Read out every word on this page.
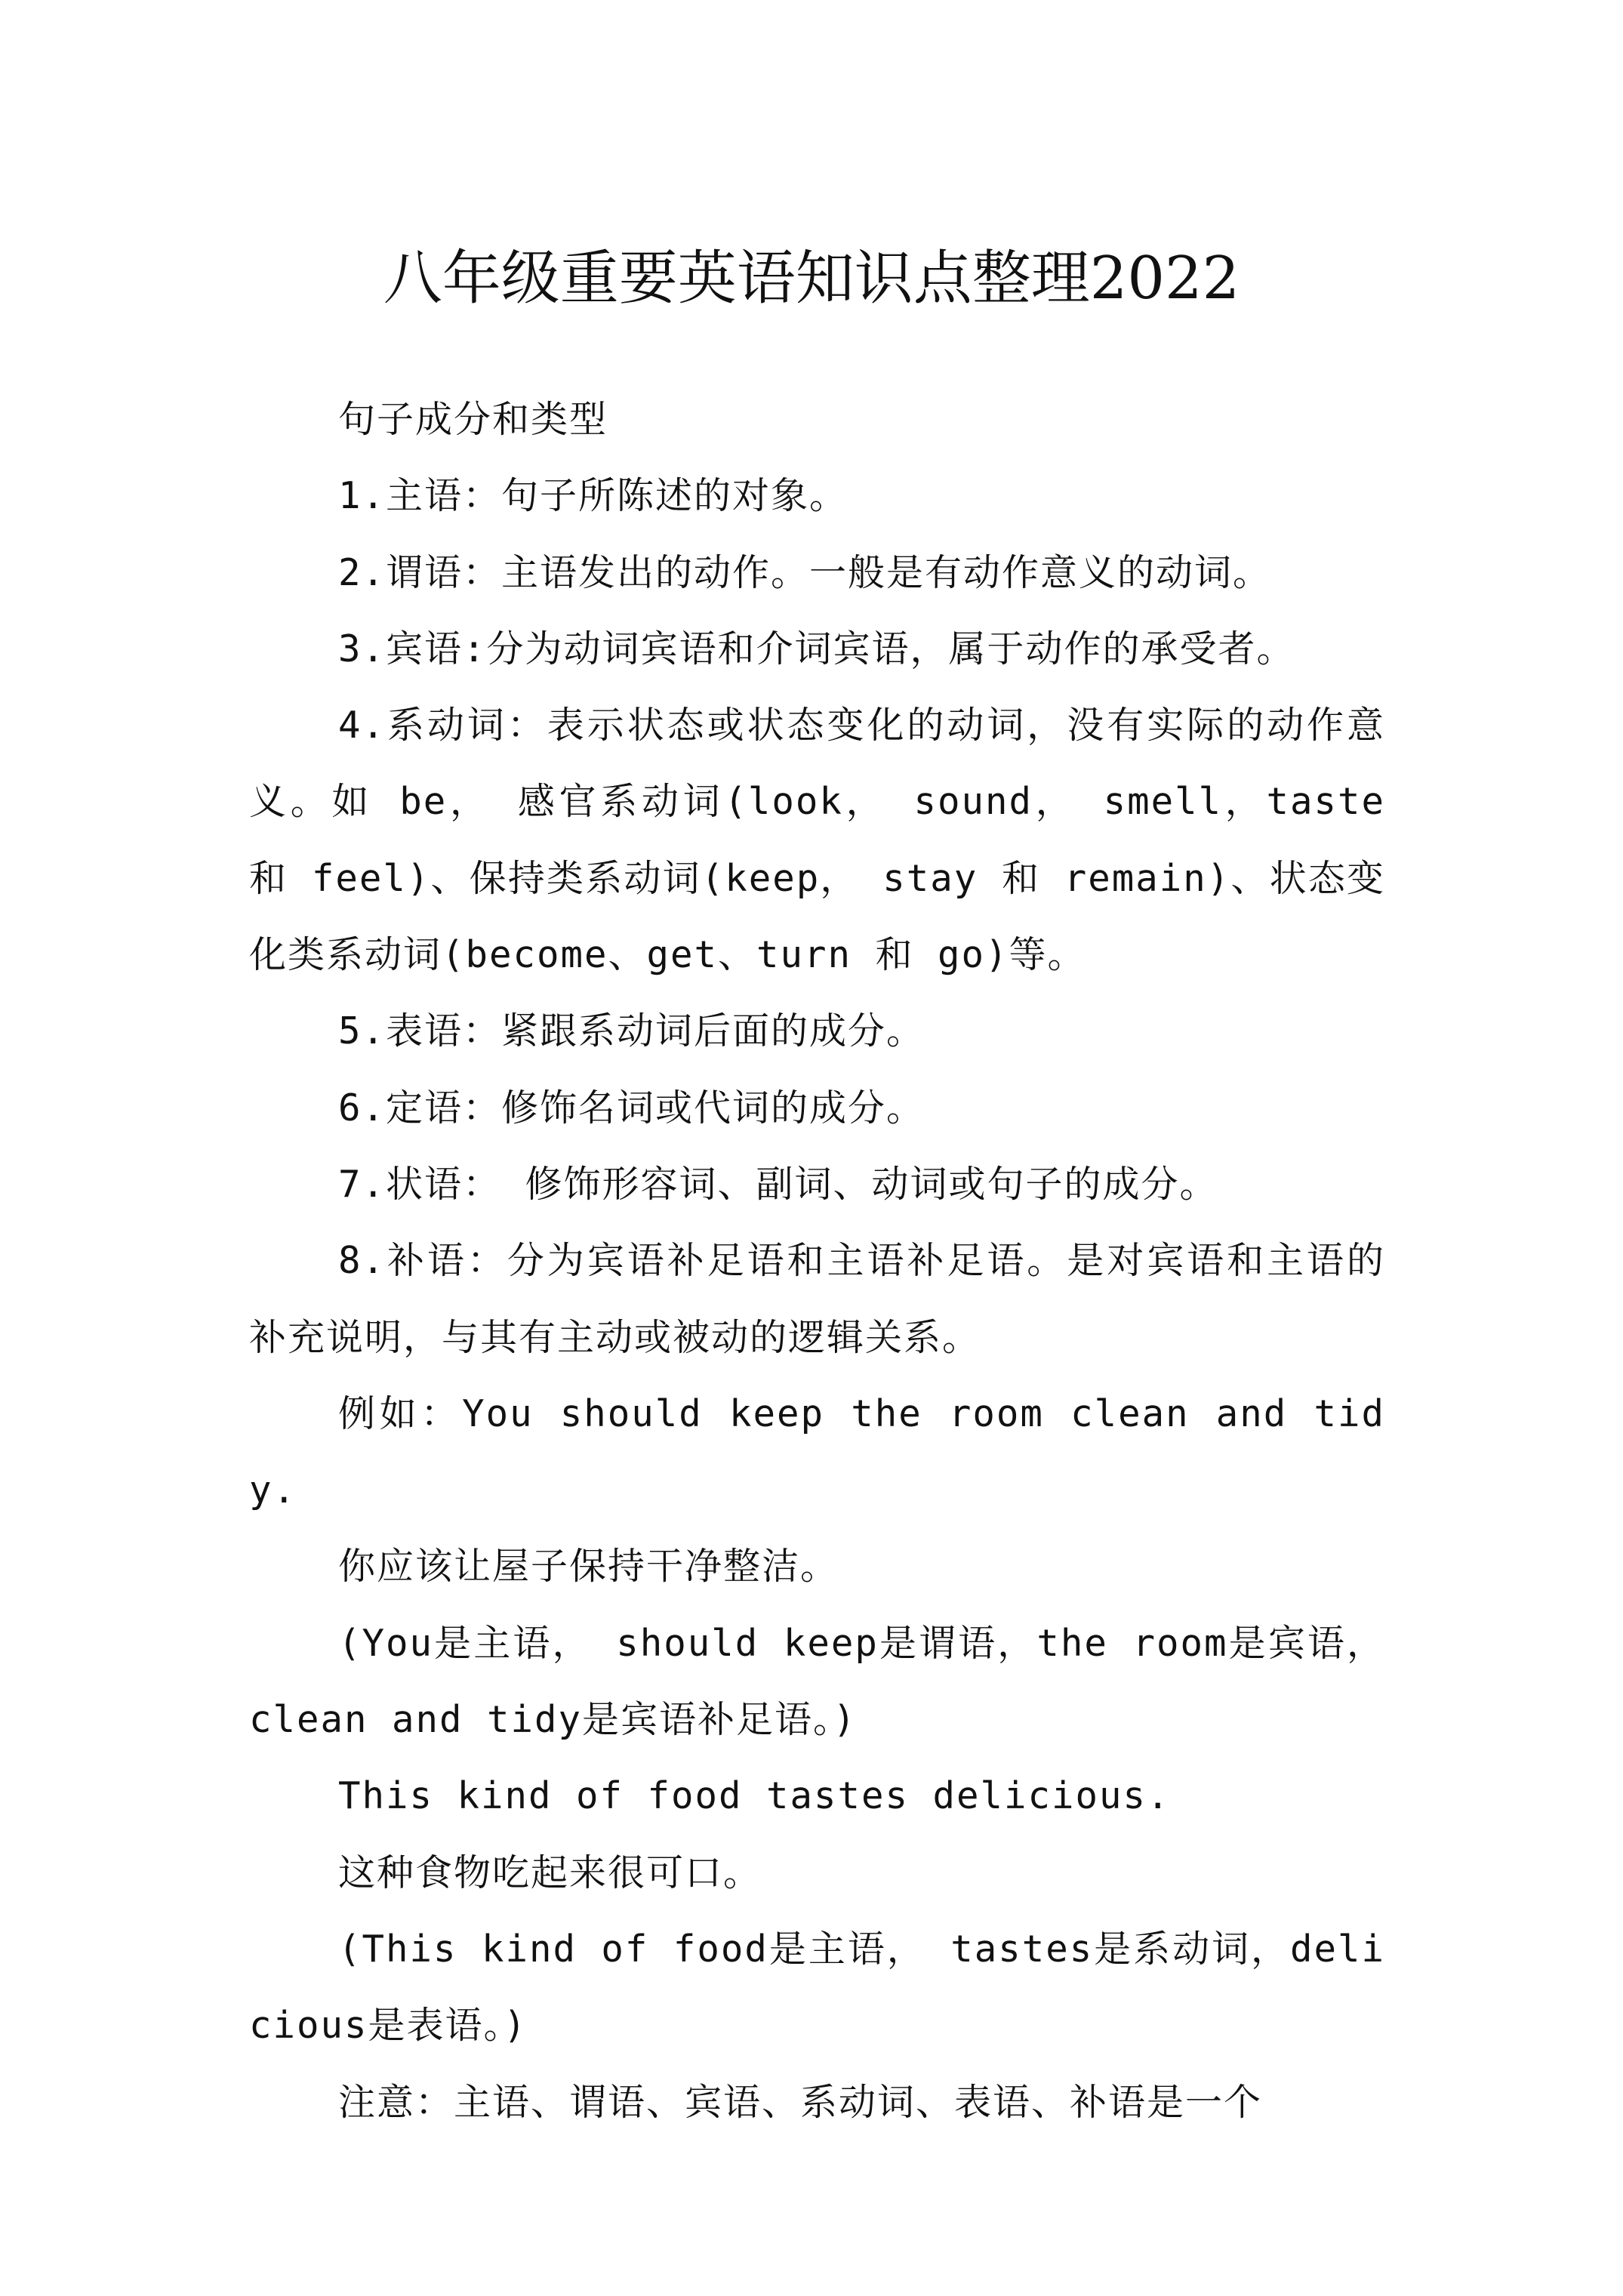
八年级重要英语知识点整理2022

句子成分和类型

1.主语：句子所陈述的对象。

2.谓语：主语发出的动作。一般是有动作意义的动词。

3.宾语:分为动词宾语和介词宾语，属于动作的承受者。

4.系动词：表示状态或状态变化的动词，没有实际的动作意义。如 be， 感官系动词(look， sound， smell，taste 和 feel)、保持类系动词(keep， stay 和 remain)、状态变化类系动词(become、get、turn 和 go)等。

5.表语：紧跟系动词后面的成分。

6.定语：修饰名词或代词的成分。

7.状语： 修饰形容词、副词、动词或句子的成分。

8.补语：分为宾语补足语和主语补足语。是对宾语和主语的补充说明，与其有主动或被动的逻辑关系。

例如：You should keep the room clean and tidy.

你应该让屋子保持干净整洁。

(You是主语， should keep是谓语，the room是宾语，clean and tidy是宾语补足语。)

This kind of food tastes delicious.

这种食物吃起来很可口。

(This kind of food是主语， tastes是系动词，delicious是表语。)

注意：主语、谓语、宾语、系动词、表语、补语是一个
